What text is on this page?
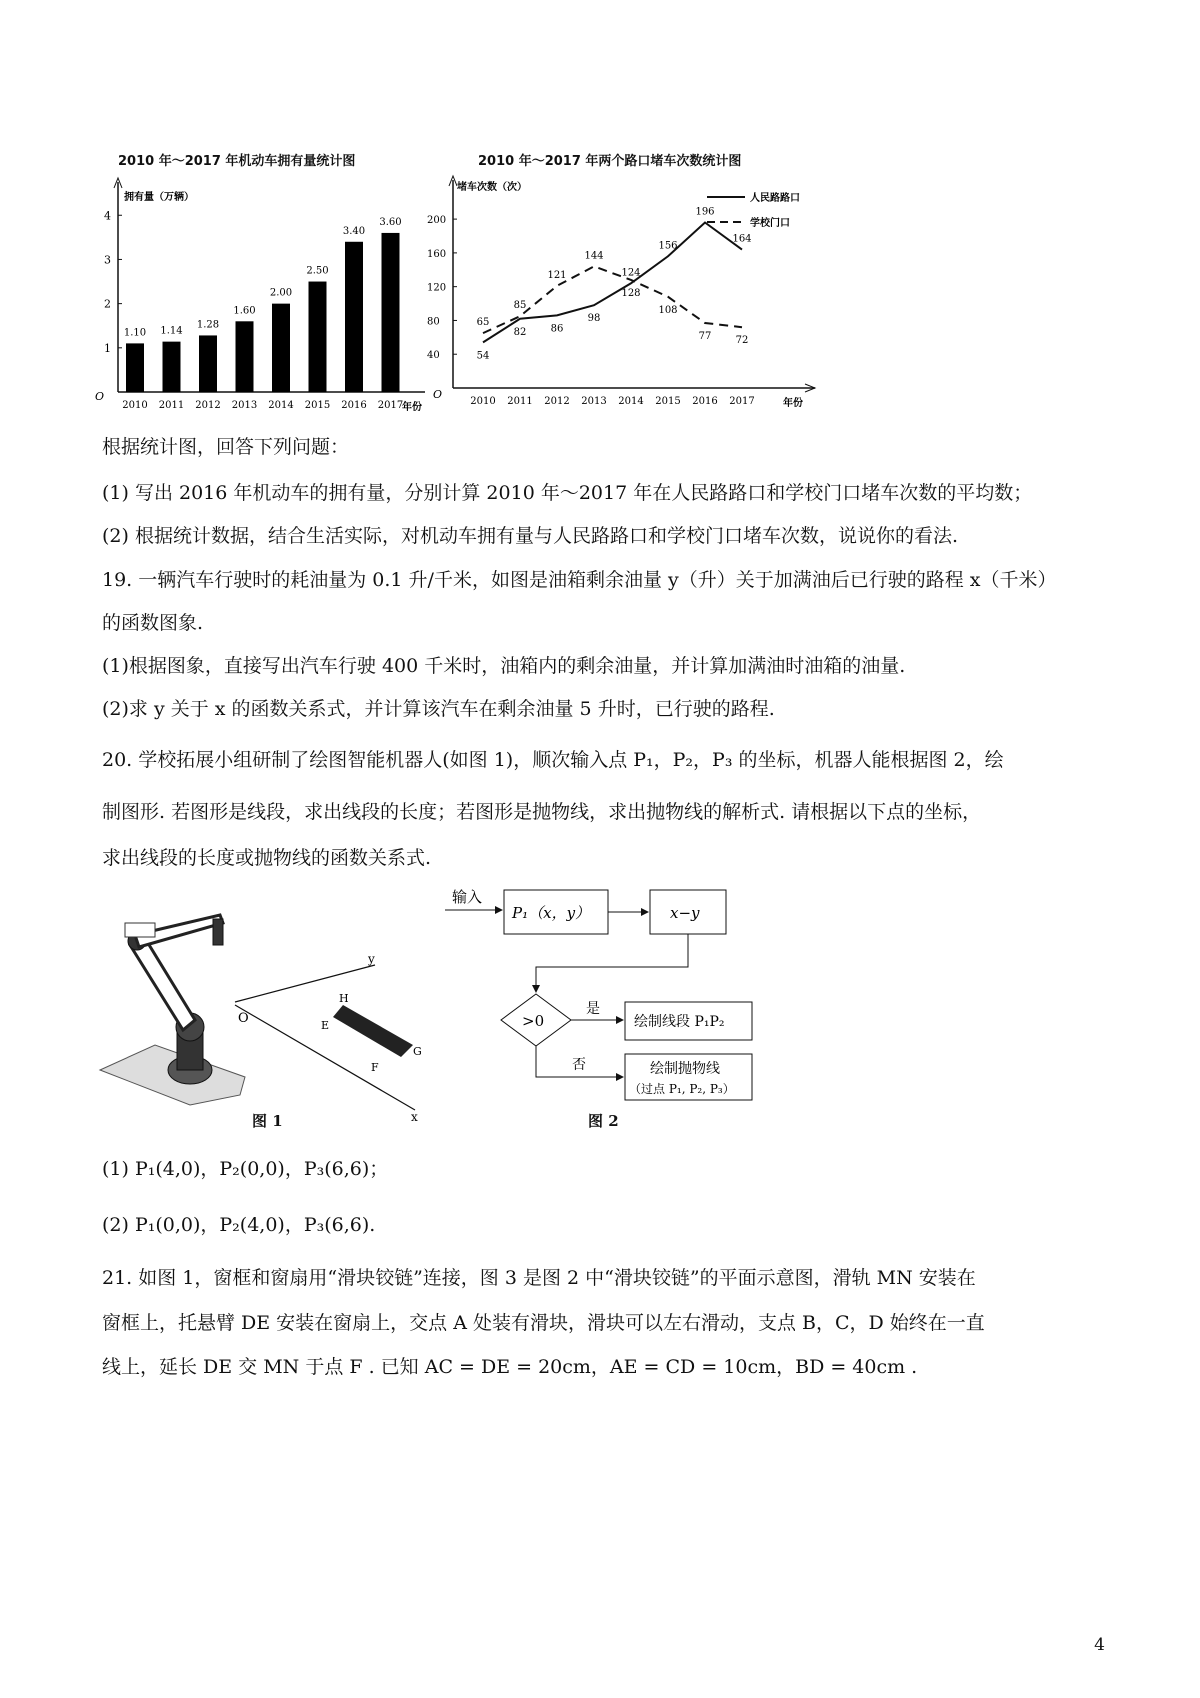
2010 年～2017 年机动车拥有量统计图
O
拥有量（万辆）
年份
1
2
3
4
1.10
2010
1.14
2011
1.28
2012
1.60
2013
2.00
2014
2.50
2015
3.40
2016
3.60
2017
2010 年～2017 年两个路口堵车次数统计图
O
堵车次数（次）
年份
40
80
120
160
200
2010 2011 2012 2013 2014 2015 2016 2017
54
82 86
98
124
156
196
164
人民路路口
65
85
121
144
128
108
77 72
学校门口
根据统计图，回答下列问题：
(1) 写出 2016 年机动车的拥有量，分别计算 2010 年～2017 年在人民路路口和学校门口堵车次数的平均数；
(2) 根据统计数据，结合生活实际，对机动车拥有量与人民路路口和学校门口堵车次数，说说你的看法.
19. 一辆汽车行驶时的耗油量为 0.1 升/千米，如图是油箱剩余油量 y（升）关于加满油后已行驶的路程 x（千米）
的函数图象.
(1)根据图象，直接写出汽车行驶 400 千米时，油箱内的剩余油量，并计算加满油时油箱的油量.
(2)求 y 关于 x 的函数关系式，并计算该汽车在剩余油量 5 升时，已行驶的路程.
20. 学校拓展小组研制了绘图智能机器人(如图 1)，顺次输入点 P₁，P₂，P₃ 的坐标，机器人能根据图 2，绘
制图形. 若图形是线段，求出线段的长度；若图形是抛物线，求出抛物线的解析式. 请根据以下点的坐标，
求出线段的长度或抛物线的函数关系式.
O
y
x
H
E
F
G
图 1
输入
P₁（x，y）	x−y
>0
是
绘制线段 P₁P₂
否	绘制抛物线
（过点 P₁, P₂, P₃）
图 2
(1) P₁(4,0)，P₂(0,0)，P₃(6,6)；
(2) P₁(0,0)，P₂(4,0)，P₃(6,6).
21. 如图 1，窗框和窗扇用“滑块铰链”连接，图 3 是图 2 中“滑块铰链”的平面示意图，滑轨 MN 安装在
窗框上，托悬臂 DE 安装在窗扇上，交点 A 处装有滑块，滑块可以左右滑动，支点 B，C，D 始终在一直
线上，延长 DE 交 MN 于点 F . 已知 AC = DE = 20cm，AE = CD = 10cm，BD = 40cm .
4
